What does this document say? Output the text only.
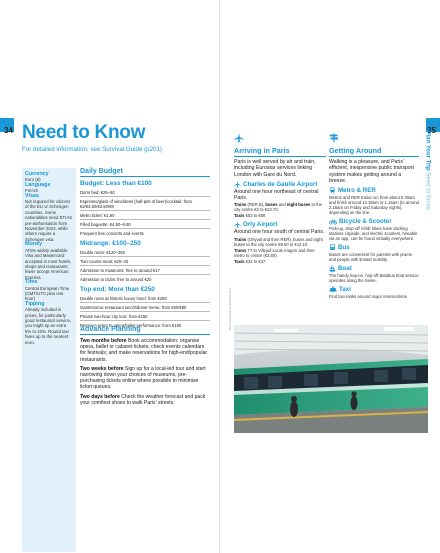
34 Need to Know
For detailed information, see Survival Guide (p201)
Currency
Euro (€)
Language
French
Visas
Not required for citizens of the EU or Schengen countries. Some nationalities need ETIAS pre-authorisation from November 2023, while others require a Schengen visa.
Money
ATMs widely available. Visa and Mastercard accepted in most hotels, shops and restaurants; fewer accept American Express.
Time
Central European Time (GMT/UTC plus one hour)
Tipping
Already included in prices, for particularly good restaurant service, you might tip an extra 5% to 10%. Round taxi fares up to the nearest euro.
Daily Budget
Budget: Less than €100
Dorm bed: €25–50
Espresso/glass of wine/demi (half-pint of beer)/cocktail: from €2/€3.50/€3.50/€9
Metro ticket: €1.90
Filled baguette: €4.50–6.50
Frequent free concerts and events
Midrange: €100–250
Double room: €120–250
Two-course meal: €20–40
Admission to museums: free to around €17
Admission to clubs: free to around €20
Top end: More than €250
Double room at historic luxury hotel: from €250
Gastronomic restaurant lunch/dinner menu: from €50/€80
Private two-hour city tour: from €150
Premium ticket to opera/ballet performance: from €150
Advance Planning

Two months before Book accommodation; organise opera, ballet or cabaret tickets; check events calendars for festivals; and make reservations for high-end/popular restaurants.

Two weeks before Sign up for a local-led tour and start narrowing down your choices of museums, pre-purchasing tickets online where possible to minimise ticket queues.

Two days before Check the weather forecast and pack your comfiest shoes to walk Paris' streets.

35
Plan Your Trip Need to Know
Arriving in Paris
Paris is well served by air and train, including Eurostar services linking London with Gare du Nord.
Charles de Gaulle Airport
Around one hour northeast of central Paris.
Trains (RER B), buses and night buses to the city centre €2 to €13.70.
Taxis €53 to €56
Orly Airport
Around one hour south of central Paris.
Trains (Orlyval and then RER), buses and night buses to the city centre €9.50 to €12.10
Trams T7 to Villejuif-Louis Aragon and then metro to centre (€3.80).
Taxis €32 to €37
Getting Around
Walking is a pleasure, and Paris' efficient, inexpensive public transport system makes getting around a breeze.
Metro & RER
Metros and RER trains run from about 5.30am and finish around 12.35am or 1.15am (to around 2.15am on Friday and Saturday nights), depending on the line.
Bicycle & Scooter
Pick-up, drop-off Vélib' bikes have docking stations citywide, and electric scooters, hireable via an app, can be found virtually everywhere.
Bus
Buses are convenient for parents with prams and people with limited mobility.
Boat
The handy hop-on, hop-off Batobus boat service operates along the Seine.
Taxi
Find taxi ranks around major intersections.
DELPIXEL/SHUTTERSTOCK ©
